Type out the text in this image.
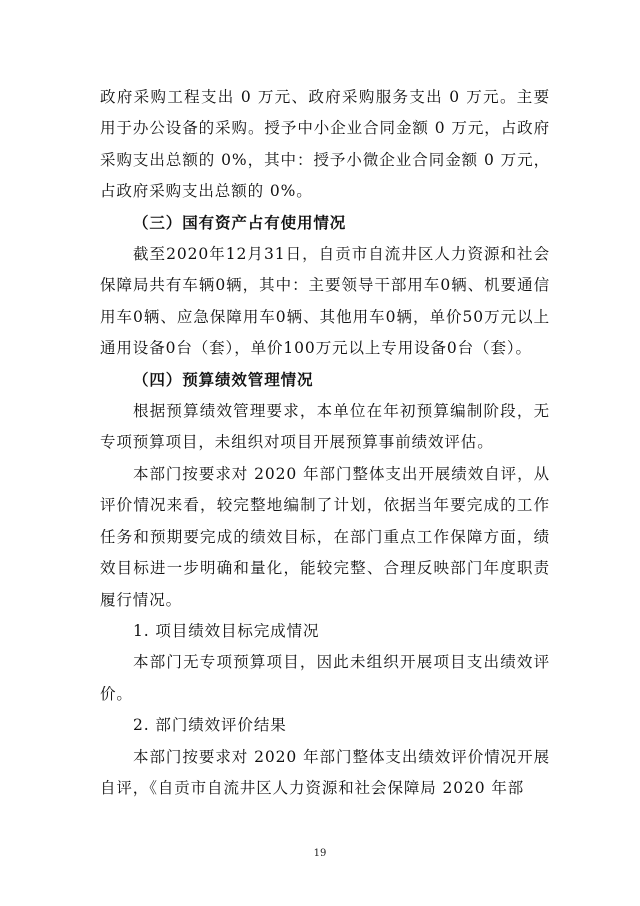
政府采购工程支出 0 万元、政府采购服务支出 0 万元。主要用于办公设备的采购。授予中小企业合同金额 0 万元，占政府采购支出总额的 0%，其中：授予小微企业合同金额 0 万元，占政府采购支出总额的 0%。

（三）国有资产占有使用情况

截至2020年12月31日，自贡市自流井区人力资源和社会保障局共有车辆0辆，其中：主要领导干部用车0辆、机要通信用车0辆、应急保障用车0辆、其他用车0辆，单价50万元以上通用设备0台（套），单价100万元以上专用设备0台（套）。

（四）预算绩效管理情况

根据预算绩效管理要求，本单位在年初预算编制阶段，无专项预算项目，未组织对项目开展预算事前绩效评估。

本部门按要求对 2020 年部门整体支出开展绩效自评，从评价情况来看，较完整地编制了计划，依据当年要完成的工作任务和预期要完成的绩效目标，在部门重点工作保障方面，绩效目标进一步明确和量化，能较完整、合理反映部门年度职责履行情况。

1. 项目绩效目标完成情况

本部门无专项预算项目，因此未组织开展项目支出绩效评价。

2. 部门绩效评价结果

本部门按要求对 2020 年部门整体支出绩效评价情况开展自评，《自贡市自流井区人力资源和社会保障局 2020 年部

19
